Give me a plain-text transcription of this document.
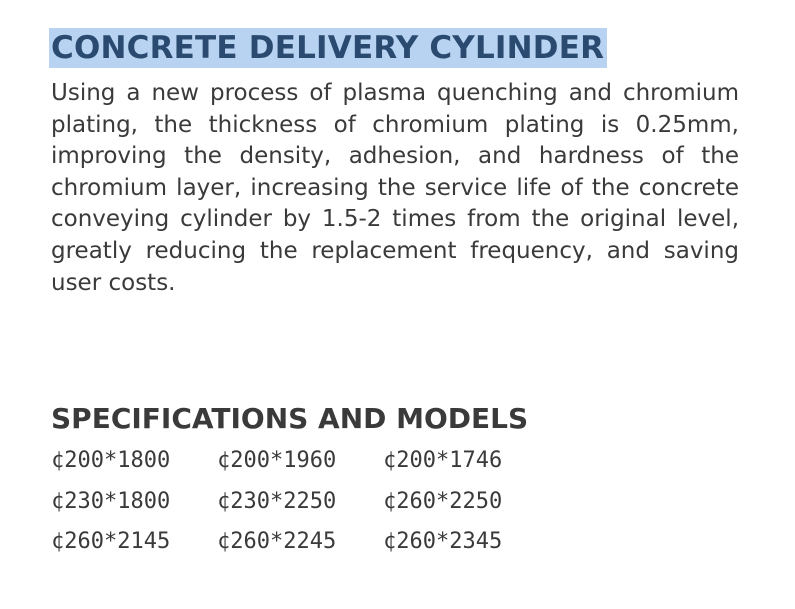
CONCRETE DELIVERY CYLINDER

Using a new process of plasma quenching and chromium plating, the thickness of chromium plating is 0.25mm, improving the density, adhesion, and hardness of the chromium layer, increasing the service life of the concrete conveying cylinder by 1.5-2 times from the original level, greatly reducing the replacement frequency, and saving user costs.

SPECIFICATIONS AND MODELS
¢200*1800	¢200*1960	¢200*1746
¢230*1800	¢230*2250	¢260*2250
¢260*2145	¢260*2245	¢260*2345
